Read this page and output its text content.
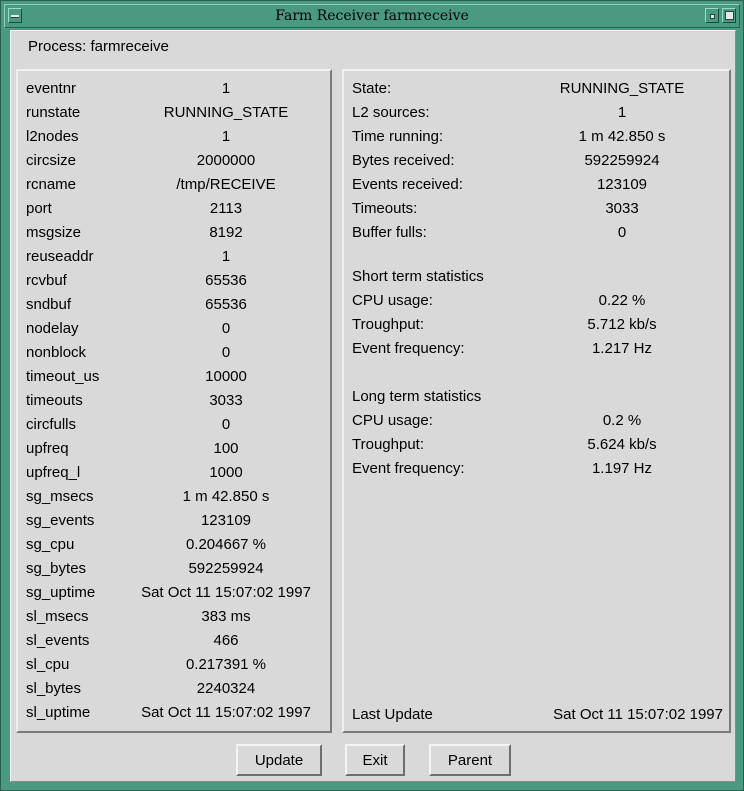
Farm Receiver farmreceive
Process: farmreceive
eventnr	1
runstate	RUNNING_STATE
l2nodes	1
circsize	2000000
rcname	/tmp/RECEIVE
port	2113
msgsize	8192
reuseaddr	1
rcvbuf	65536
sndbuf	65536
nodelay	0
nonblock	0
timeout_us	10000
timeouts	3033
circfulls	0
upfreq	100
upfreq_l	1000
sg_msecs	1 m 42.850 s
sg_events	123109
sg_cpu	0.204667 %
sg_bytes	592259924
sg_uptime	Sat Oct 11 15:07:02 1997
sl_msecs	383 ms
sl_events	466
sl_cpu	0.217391 %
sl_bytes	2240324
sl_uptime	Sat Oct 11 15:07:02 1997
State:	RUNNING_STATE
L2 sources:	1
Time running:	1 m 42.850 s
Bytes received:	592259924
Events received:	123109
Timeouts:	3033
Buffer fulls:	0
Short term statistics
CPU usage:	0.22 %
Troughput:	5.712 kb/s
Event frequency:	1.217 Hz
Long term statistics
CPU usage:	0.2 %
Troughput:	5.624 kb/s
Event frequency:	1.197 Hz
Last Update	Sat Oct 11 15:07:02 1997
Update	Exit	Parent
